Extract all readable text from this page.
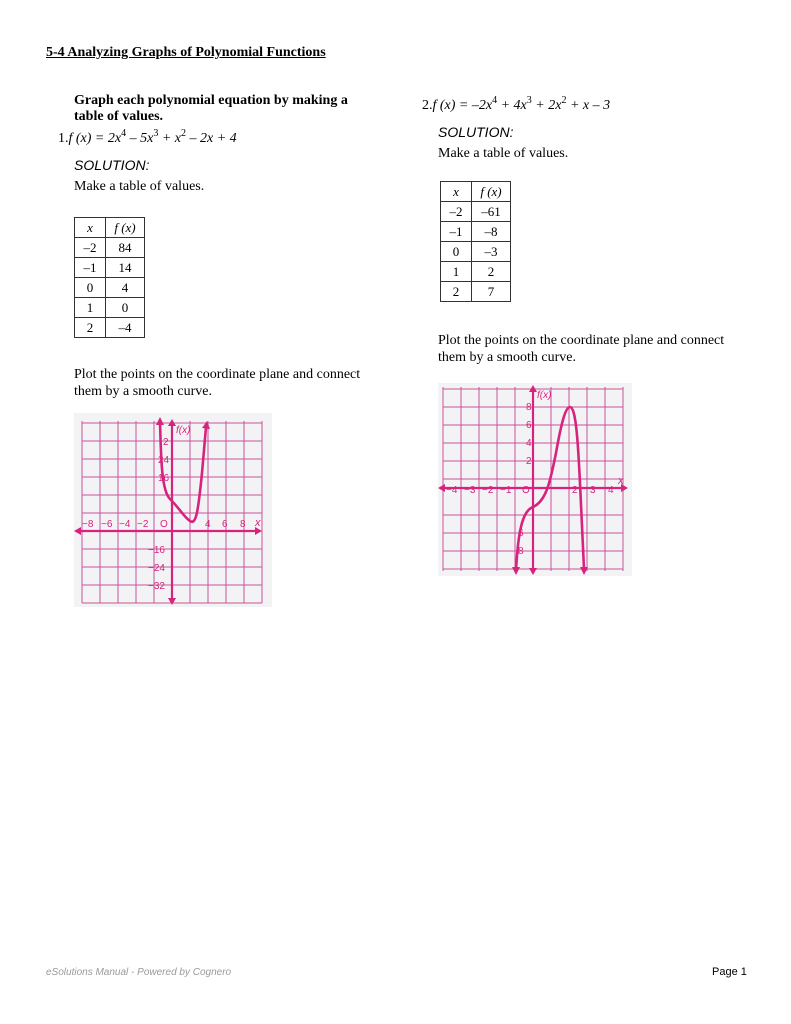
5-4 Analyzing Graphs of Polynomial Functions
Graph each polynomial equation by making a table of values.
1.f $(x) = 2x^4 - 5x^3 + x^2 - 2x + 4$
SOLUTION:
Make a table of values.
x	f (x)
–2	84
–1	14
0	4
1	0
2	–4
Plot the points on the coordinate plane and connect them by a smooth curve.
f(x)
x
−8 −6 −4 −2 O	4 6 8
2
24
16
−16
−24
−32
2.f $(x) = -2x^4 + 4x^3 + 2x^2 + x - 3$
SOLUTION:
Make a table of values.
x	f (x)
–2	–61
–1	–8
0	–3
1	2
2	7
Plot the points on the coordinate plane and connect them by a smooth curve.
f(x)
x
−4 −3 −2 −1 O	2 3 4
8
6
4
2
6
8
eSolutions Manual - Powered by Cognero	Page 1
